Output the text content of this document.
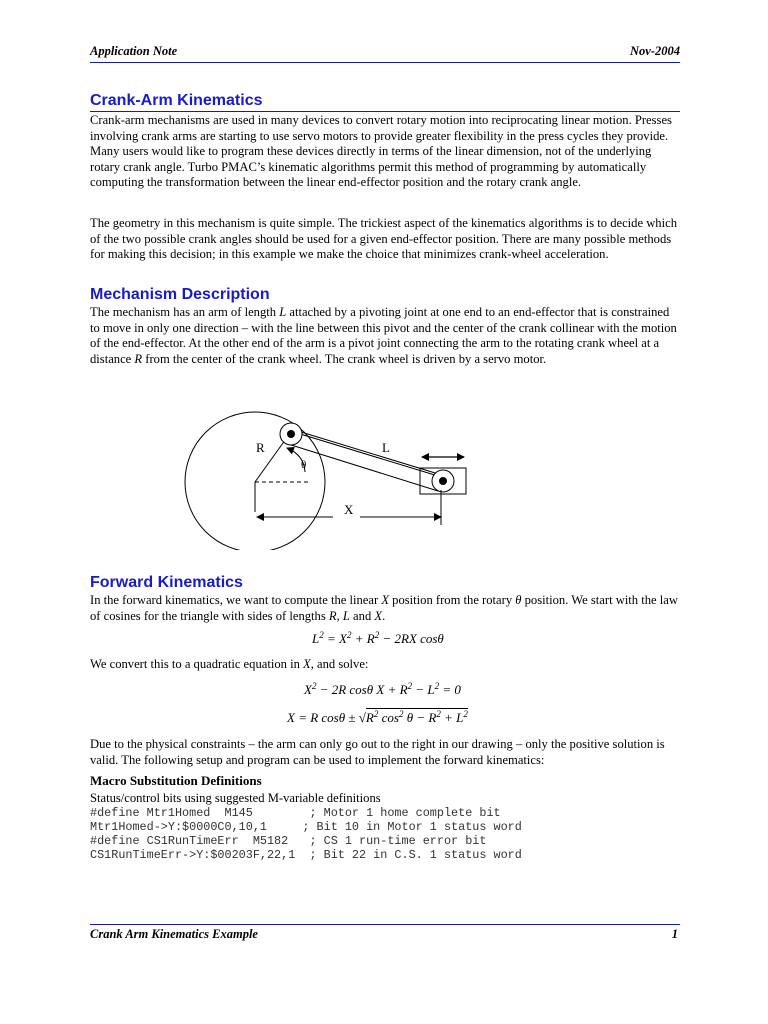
Application Note	Nov-2004
Crank-Arm Kinematics

Crank-arm mechanisms are used in many devices to convert rotary motion into reciprocating linear motion. Presses involving crank arms are starting to use servo motors to provide greater flexibility in the press cycles they provide. Many users would like to program these devices directly in terms of the linear dimension, not of the underlying rotary crank angle. Turbo PMAC’s kinematic algorithms permit this method of programming by automatically computing the transformation between the linear end-effector position and the rotary crank angle.

The geometry in this mechanism is quite simple. The trickiest aspect of the kinematics algorithms is to decide which of the two possible crank angles should be used for a given end-effector position. There are many possible methods for making this decision; in this example we make the choice that minimizes crank-wheel acceleration.

Mechanism Description

The mechanism has an arm of length L attached by a pivoting joint at one end to an end-effector that is constrained to move in only one direction – with the line between this pivot and the center of the crank collinear with the motion of the end-effector. At the other end of the arm is a pivot joint connecting the arm to the rotating crank wheel at a distance R from the center of the crank wheel. The crank wheel is driven by a servo motor.

R	L
θ
X
Forward Kinematics

In the forward kinematics, we want to compute the linear X position from the rotary θ position. We start with the law of cosines for the triangle with sides of lengths R, L and X.

$L^2 = X^2 + R^2 - 2RX$ cosθ

We convert this to a quadratic equation in X, and solve:

$X^2 - 2R$ cosθ $X + R^2 - L^2 = 0$
X = R $\cos\theta \pm √R^2$ $\cos^2 \theta - R^2 + L^2$

Due to the physical constraints – the arm can only go out to the right in our drawing – only the positive solution is valid. The following setup and program can be used to implement the forward kinematics:

Macro Substitution Definitions

Status/control bits using suggested M-variable definitions

#define Mtr1Homed  M145        ; Motor 1 home complete bit
Mtr1Homed->Y:$0000C0,10,1     ; Bit 10 in Motor 1 status word
#define CS1RunTimeErr  M5182   ; CS 1 run-time error bit
CS1RunTimeErr->Y:$00203F,22,1  ; Bit 22 in C.S. 1 status word
Crank Arm Kinematics Example	1
